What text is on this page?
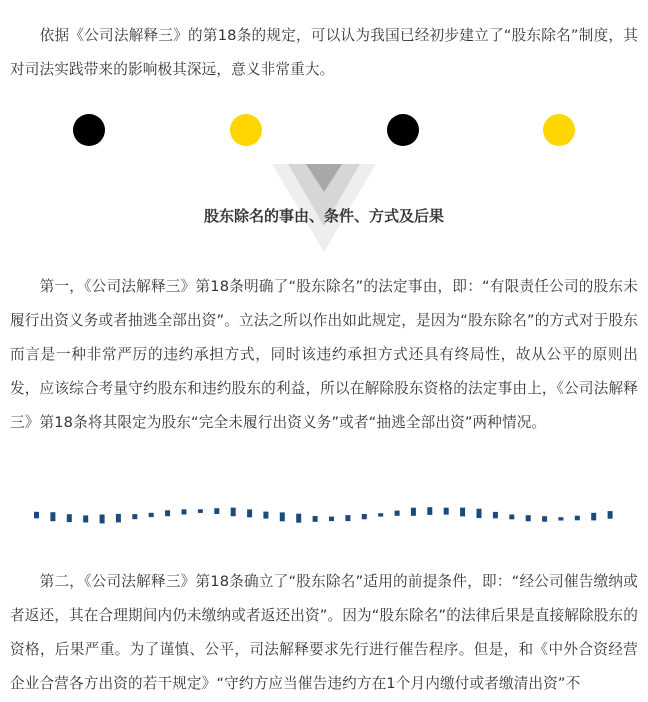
　　依据《公司法解释三》的第18条的规定，可以认为我国已经初步建立了“股东除名”制度，其对司法实践带来的影响极其深远，意义非常重大。

股东除名的事由、条件、方式及后果

　　第一，《公司法解释三》第18条明确了“股东除名”的法定事由，即：“有限责任公司的股东未履行出资义务或者抽逃全部出资”。立法之所以作出如此规定，是因为“股东除名”的方式对于股东而言是一种非常严厉的违约承担方式，同时该违约承担方式还具有终局性，故从公平的原则出发，应该综合考量守约股东和违约股东的利益，所以在解除股东资格的法定事由上，《公司法解释三》第18条将其限定为股东“完全未履行出资义务”或者“抽逃全部出资”两种情况。

　　第二，《公司法解释三》第18条确立了“股东除名”适用的前提条件，即：“经公司催告缴纳或者返还，其在合理期间内仍未缴纳或者返还出资”。因为“股东除名”的法律后果是直接解除股东的资格，后果严重。为了谨慎、公平，司法解释要求先行进行催告程序。但是，和《中外合资经营企业合营各方出资的若干规定》“守约方应当催告违约方在1个月内缴付或者缴清出资”不
